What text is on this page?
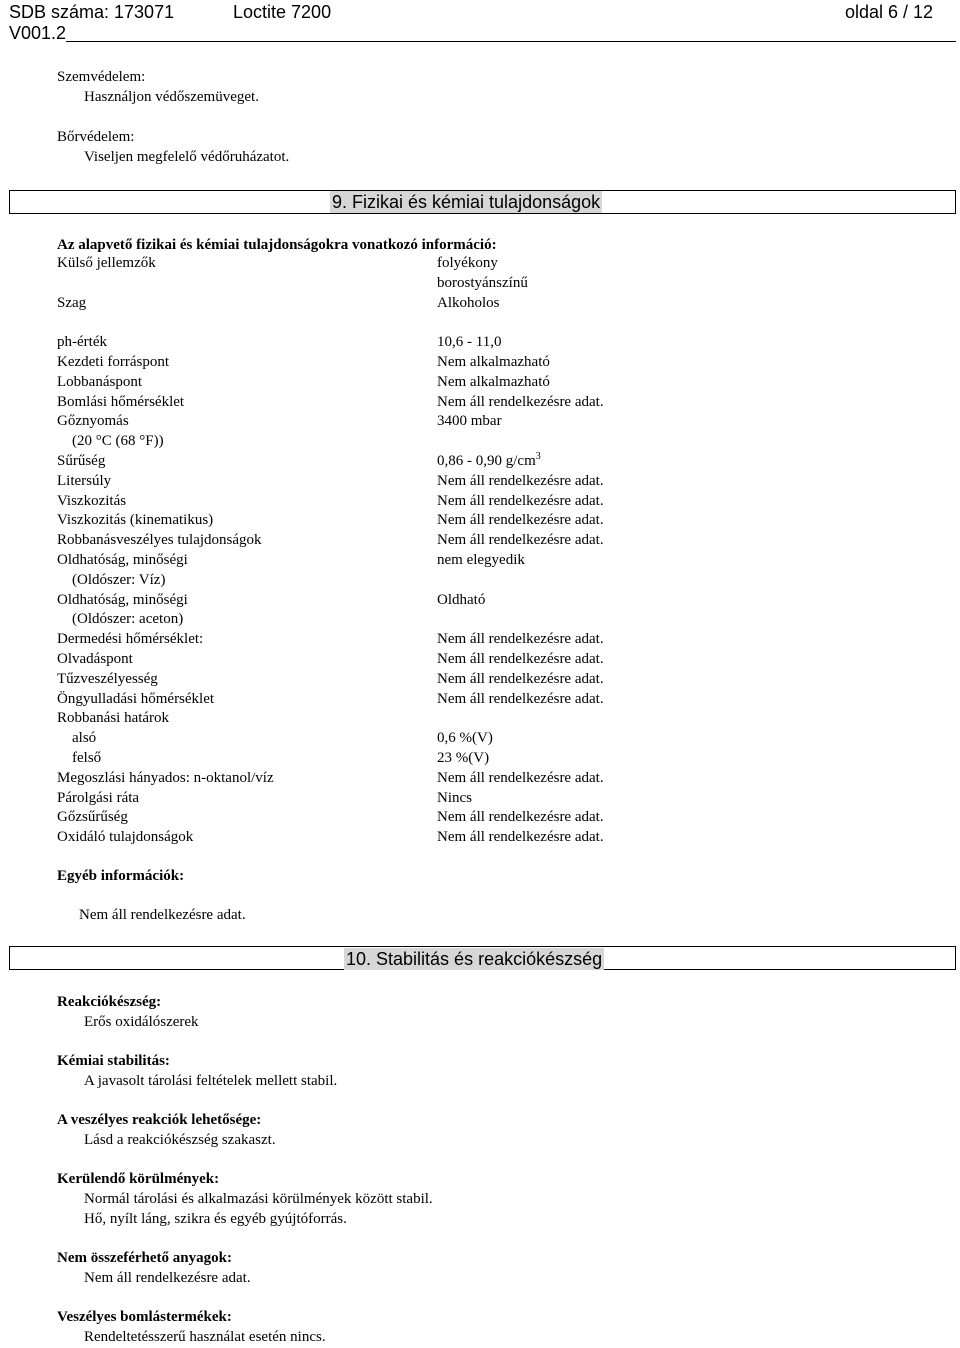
SDB száma: 173071	Loctite 7200	oldal 6 / 12
V001.2
Szemvédelem:
Használjon védőszemüveget.
Bőrvédelem:
Viseljen megfelelő védőruházatot.
9. Fizikai és kémiai tulajdonságok
Az alapvető fizikai és kémiai tulajdonságokra vonatkozó információ:
Külső jellemzők	folyékony
borostyánszínű
Szag	Alkoholos
ph-érték	10,6 - 11,0
Kezdeti forráspont	Nem alkalmazható
Lobbanáspont	Nem alkalmazható
Bomlási hőmérséklet	Nem áll rendelkezésre adat.
Gőznyomás	3400 mbar
(20 °C (68 °F))
Sűrűség	0,86 - 0,90 $g/cm^3$
Litersúly	Nem áll rendelkezésre adat.
Viszkozitás	Nem áll rendelkezésre adat.
Viszkozitás (kinematikus)	Nem áll rendelkezésre adat.
Robbanásveszélyes tulajdonságok	Nem áll rendelkezésre adat.
Oldhatóság, minőségi	nem elegyedik
(Oldószer: Víz)
Oldhatóság, minőségi	Oldható
(Oldószer: aceton)
Dermedési hőmérséklet:	Nem áll rendelkezésre adat.
Olvadáspont	Nem áll rendelkezésre adat.
Tűzveszélyesség	Nem áll rendelkezésre adat.
Öngyulladási hőmérséklet	Nem áll rendelkezésre adat.
Robbanási határok
alsó	0,6 %(V)
felső	23 %(V)
Megoszlási hányados: n-oktanol/víz	Nem áll rendelkezésre adat.
Párolgási ráta	Nincs
Gőzsűrűség	Nem áll rendelkezésre adat.
Oxidáló tulajdonságok	Nem áll rendelkezésre adat.
Egyéb információk:
Nem áll rendelkezésre adat.
10. Stabilitás és reakciókészség
Reakciókészség:
Erős oxidálószerek
Kémiai stabilitás:
A javasolt tárolási feltételek mellett stabil.
A veszélyes reakciók lehetősége:
Lásd a reakciókészség szakaszt.
Kerülendő körülmények:
Normál tárolási és alkalmazási körülmények között stabil.
Hő, nyílt láng, szikra és egyéb gyújtóforrás.
Nem összeférhető anyagok:
Nem áll rendelkezésre adat.
Veszélyes bomlástermékek:
Rendeltetésszerű használat esetén nincs.
